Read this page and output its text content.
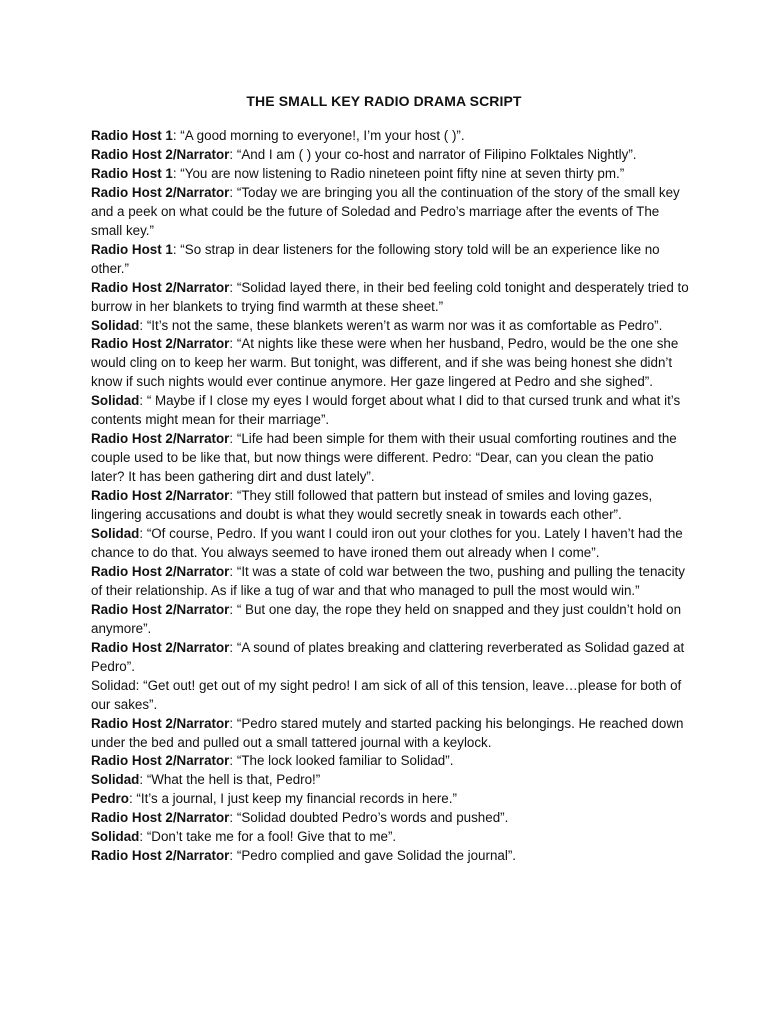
THE SMALL KEY RADIO DRAMA SCRIPT

Radio Host 1: “A good morning to everyone!, I’m your host ( )”.

Radio Host 2/Narrator: “And I am ( ) your co-host and narrator of Filipino Folktales Nightly”.

Radio Host 1: “You are now listening to Radio nineteen point fifty nine at seven thirty pm.”

Radio Host 2/Narrator: “Today we are bringing you all the continuation of the story of the small key and a peek on what could be the future of Soledad and Pedro’s marriage after the events of The small key.”

Radio Host 1: “So strap in dear listeners for the following story told will be an experience like no other.”

Radio Host 2/Narrator: “Solidad layed there, in their bed feeling cold tonight and desperately tried to burrow in her blankets to trying find warmth at these sheet.”

Solidad: “It’s not the same, these blankets weren’t as warm nor was it as comfortable as Pedro”.

Radio Host 2/Narrator: “At nights like these were when her husband, Pedro, would be the one she would cling on to keep her warm. But tonight, was different, and if she was being honest she didn’t know if such nights would ever continue anymore. Her gaze lingered at Pedro and she sighed”.

Solidad: “ Maybe if I close my eyes I would forget about what I did to that cursed trunk and what it’s contents might mean for their marriage”.

Radio Host 2/Narrator: “Life had been simple for them with their usual comforting routines and the couple used to be like that, but now things were different. Pedro: “Dear, can you clean the patio later? It has been gathering dirt and dust lately”.

Radio Host 2/Narrator: “They still followed that pattern but instead of smiles and loving gazes, lingering accusations and doubt is what they would secretly sneak in towards each other”.

Solidad: “Of course, Pedro. If you want I could iron out your clothes for you. Lately I haven’t had the chance to do that. You always seemed to have ironed them out already when I come”.

Radio Host 2/Narrator: “It was a state of cold war between the two, pushing and pulling the tenacity of their relationship. As if like a tug of war and that who managed to pull the most would win.”

Radio Host 2/Narrator: “ But one day, the rope they held on snapped and they just couldn’t hold on anymore”.

Radio Host 2/Narrator: “A sound of plates breaking and clattering reverberated as Solidad gazed at Pedro”.

Solidad: “Get out! get out of my sight pedro! I am sick of all of this tension, leave…please for both of our sakes”.

Radio Host 2/Narrator: “Pedro stared mutely and started packing his belongings. He reached down under the bed and pulled out a small tattered journal with a keylock.

Radio Host 2/Narrator: “The lock looked familiar to Solidad”.

Solidad: “What the hell is that, Pedro!”

Pedro: “It’s a journal, I just keep my financial records in here.”

Radio Host 2/Narrator: “Solidad doubted Pedro’s words and pushed”.

Solidad: “Don’t take me for a fool! Give that to me”.

Radio Host 2/Narrator: “Pedro complied and gave Solidad the journal”.
